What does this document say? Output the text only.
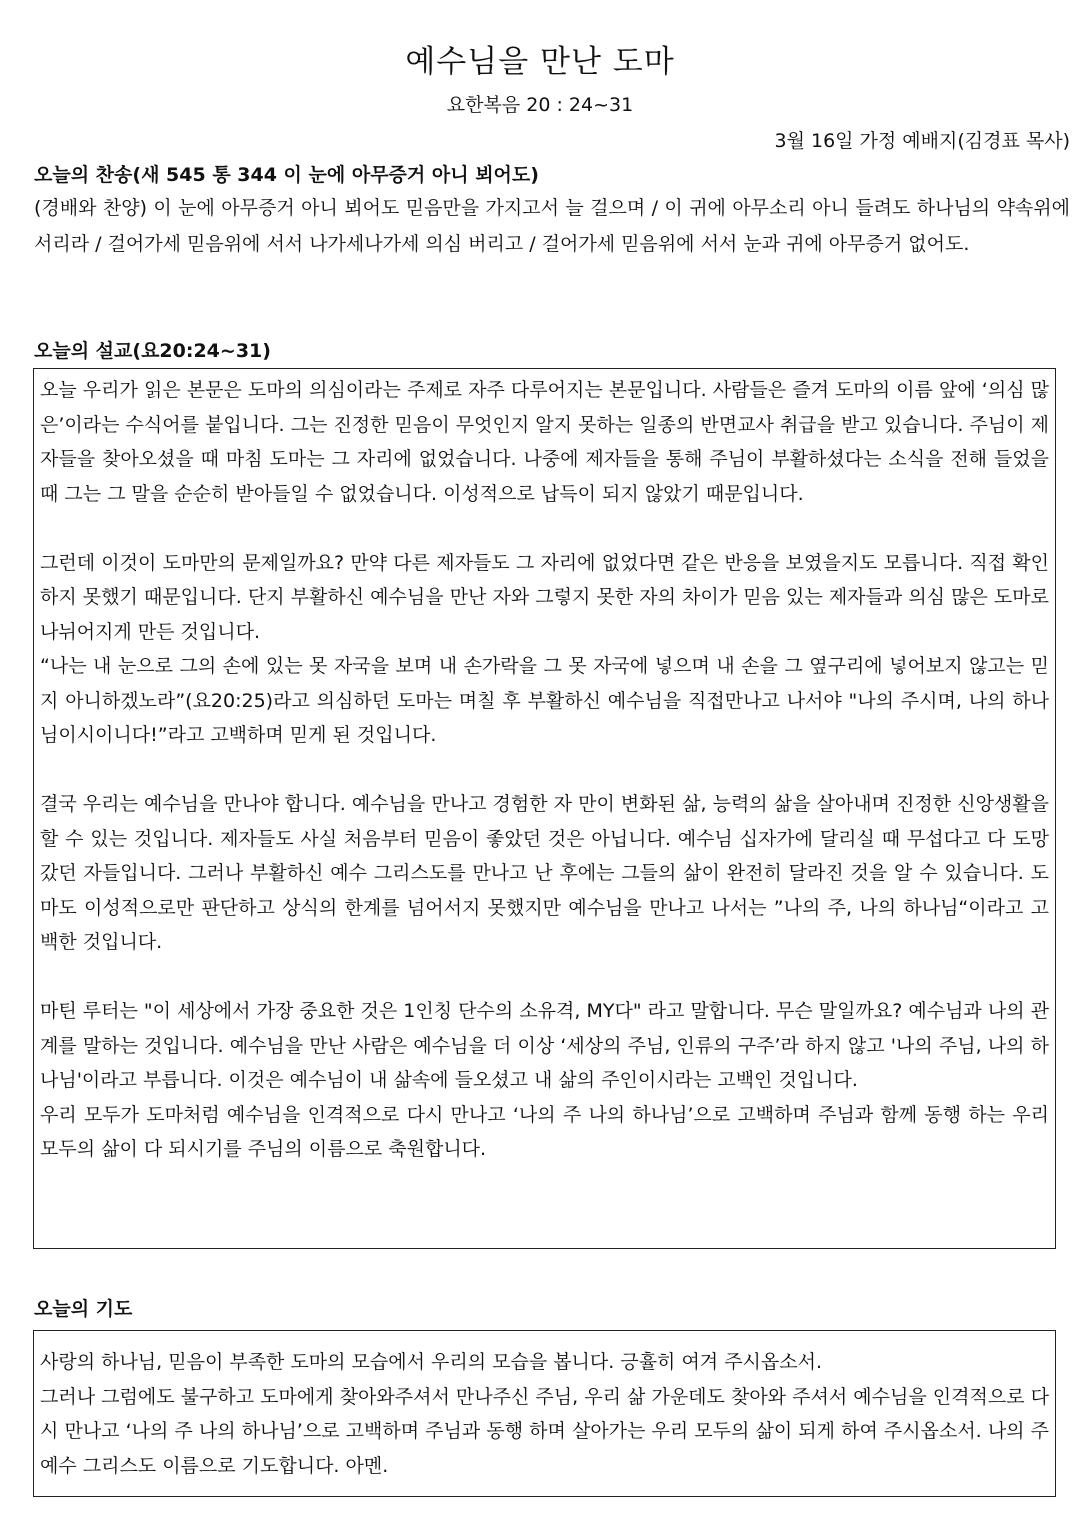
예수님을 만난 도마
요한복음 20 : 24~31
3월 16일 가정 예배지(김경표 목사)
오늘의 찬송(새 545 통 344 이 눈에 아무증거 아니 뵈어도)
(경배와 찬양) 이 눈에 아무증거 아니 뵈어도 믿음만을 가지고서 늘 걸으며 / 이 귀에 아무소리 아니 들려도 하나님의 약속위에 서리라 / 걸어가세 믿음위에 서서 나가세나가세 의심 버리고 / 걸어가세 믿음위에 서서 눈과 귀에 아무증거 없어도.
오늘의 설교(요20:24~31)

오늘 우리가 읽은 본문은 도마의 의심이라는 주제로 자주 다루어지는 본문입니다. 사람들은 즐겨 도마의 이름 앞에 ‘의심 많은’이라는 수식어를 붙입니다. 그는 진정한 믿음이 무엇인지 알지 못하는 일종의 반면교사 취급을 받고 있습니다. 주님이 제자들을 찾아오셨을 때 마침 도마는 그 자리에 없었습니다. 나중에 제자들을 통해 주님이 부활하셨다는 소식을 전해 들었을 때 그는 그 말을 순순히 받아들일 수 없었습니다. 이성적으로 납득이 되지 않았기 때문입니다.

그런데 이것이 도마만의 문제일까요? 만약 다른 제자들도 그 자리에 없었다면 같은 반응을 보였을지도 모릅니다. 직접 확인하지 못했기 때문입니다. 단지 부활하신 예수님을 만난 자와 그렇지 못한 자의 차이가 믿음 있는 제자들과 의심 많은 도마로 나뉘어지게 만든 것입니다.

“나는 내 눈으로 그의 손에 있는 못 자국을 보며 내 손가락을 그 못 자국에 넣으며 내 손을 그 옆구리에 넣어보지 않고는 믿지 아니하겠노라”(요20:25)라고 의심하던 도마는 며칠 후 부활하신 예수님을 직접만나고 나서야 "나의 주시며, 나의 하나님이시이니다!”라고 고백하며 믿게 된 것입니다.

결국 우리는 예수님을 만나야 합니다. 예수님을 만나고 경험한 자 만이 변화된 삶, 능력의 삶을 살아내며 진정한 신앙생활을 할 수 있는 것입니다. 제자들도 사실 처음부터 믿음이 좋았던 것은 아닙니다. 예수님 십자가에 달리실 때 무섭다고 다 도망갔던 자들입니다. 그러나 부활하신 예수 그리스도를 만나고 난 후에는 그들의 삶이 완전히 달라진 것을 알 수 있습니다. 도마도 이성적으로만 판단하고 상식의 한계를 넘어서지 못했지만 예수님을 만나고 나서는 ”나의 주, 나의 하나님“이라고 고백한 것입니다.

마틴 루터는 "이 세상에서 가장 중요한 것은 1인칭 단수의 소유격, MY다" 라고 말합니다. 무슨 말일까요? 예수님과 나의 관계를 말하는 것입니다. 예수님을 만난 사람은 예수님을 더 이상 ‘세상의 주님, 인류의 구주’라 하지 않고 '나의 주님, 나의 하나님'이라고 부릅니다. 이것은 예수님이 내 삶속에 들오셨고 내 삶의 주인이시라는 고백인 것입니다.

우리 모두가 도마처럼 예수님을 인격적으로 다시 만나고 ‘나의 주 나의 하나님’으로 고백하며 주님과 함께 동행 하는 우리 모두의 삶이 다 되시기를 주님의 이름으로 축원합니다.

오늘의 기도

사랑의 하나님, 믿음이 부족한 도마의 모습에서 우리의 모습을 봅니다. 긍휼히 여겨 주시옵소서.

그러나 그럼에도 불구하고 도마에게 찾아와주셔서 만나주신 주님, 우리 삶 가운데도 찾아와 주셔서 예수님을 인격적으로 다시 만나고 ‘나의 주 나의 하나님’으로 고백하며 주님과 동행 하며 살아가는 우리 모두의 삶이 되게 하여 주시옵소서. 나의 주 예수 그리스도 이름으로 기도합니다. 아멘.
